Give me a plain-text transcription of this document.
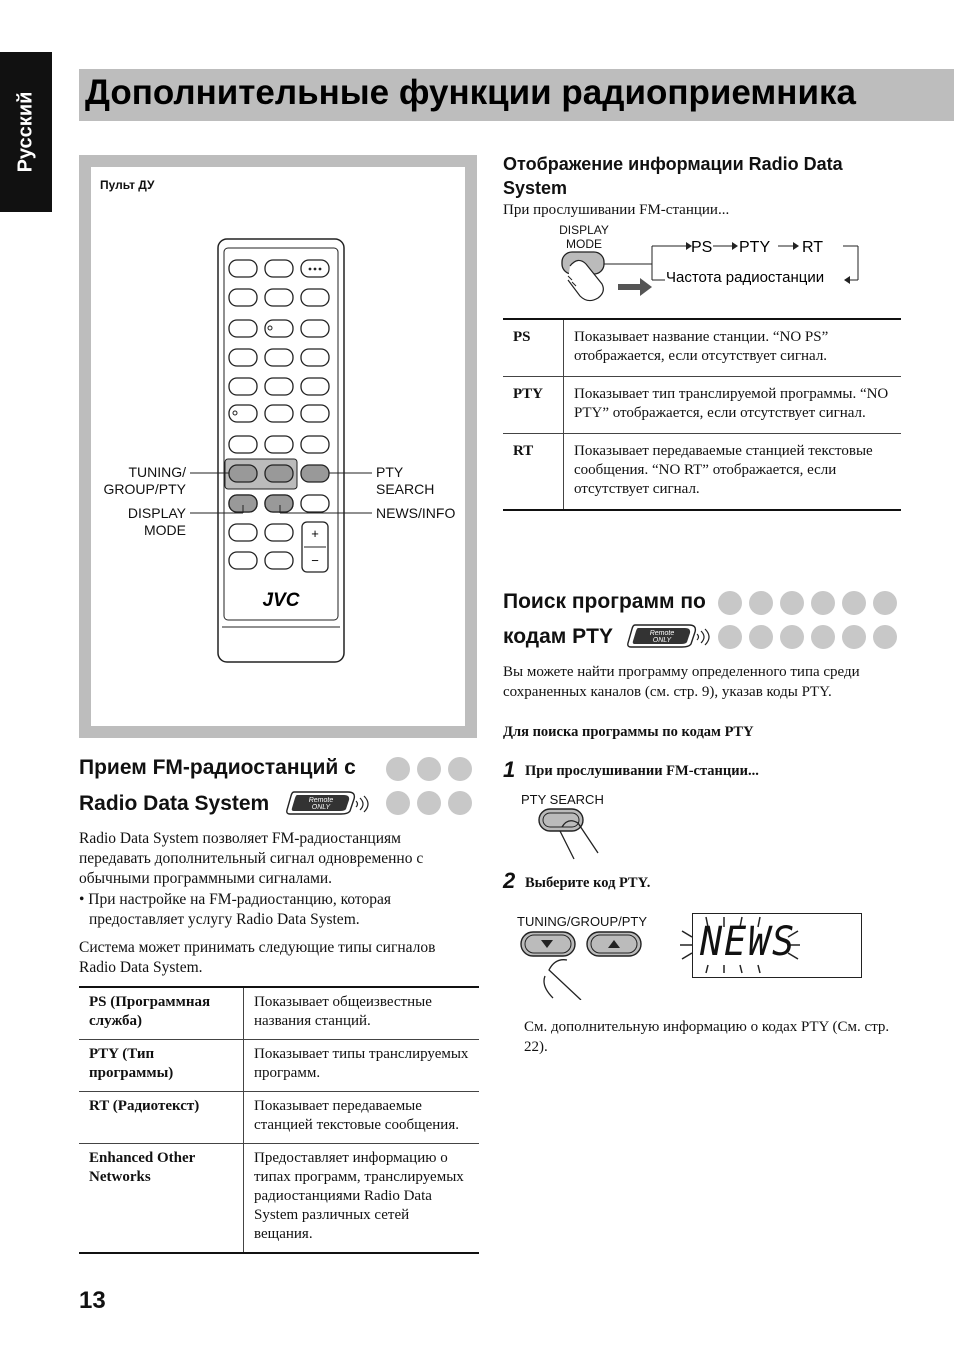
Русский Дополнительные функции радиоприемника
Пульт ДУ
+
−
JVC
TUNING/
GROUP/PTY
DISPLAY
MODE
PTY
SEARCH
NEWS/INFO
Прием FM-радиостанций с
Radio Data System	Remote
ONLY
Radio Data System позволяет FM-радиостанциям передавать дополнительный сигнал одновременно с обычными программными сигналами.
• При настройке на FM-радиостанцию, которая предоставляет услугу Radio Data System.
Система может принимать следующие типы сигналов Radio Data System.
PS (Программная служба)	Показывает общеизвестные названия станций.
PTY (Тип программы)	Показывает типы транслируемых программ.
RT (Радиотекст)	Показывает передаваемые станцией текстовые сообщения.
Enhanced Other Networks	Предоставляет информацию о типах программ, транслируемых радиостанциями Radio Data System различных сетей вещания.
Отображение информации Radio Data System
При прослушивании FM-станции...
DISPLAY
MODE	PS PTY RT
Частота радиостанции
PS	Показывает название станции. “NO PS” отображается, если отсутствует сигнал.
PTY	Показывает тип транслируемой программы. “NO PTY” отображается, если отсутствует сигнал.
RT	Показывает передаваемые станцией текстовые сообщения. “NO RT” отображается, если отсутствует сигнал.
Поиск программ по
кодам PTY	Remote
ONLY
Вы можете найти программу определенного типа среди сохраненных каналов (см. стр. 9), указав коды PTY.
Для поиска программы по кодам PTY
1 При прослушивании FM-станции...
PTY SEARCH
2 Выберите код PTY.
TUNING/GROUP/PTY NEWS
См. дополнительную информацию о кодах PTY (См. стр. 22).
13
